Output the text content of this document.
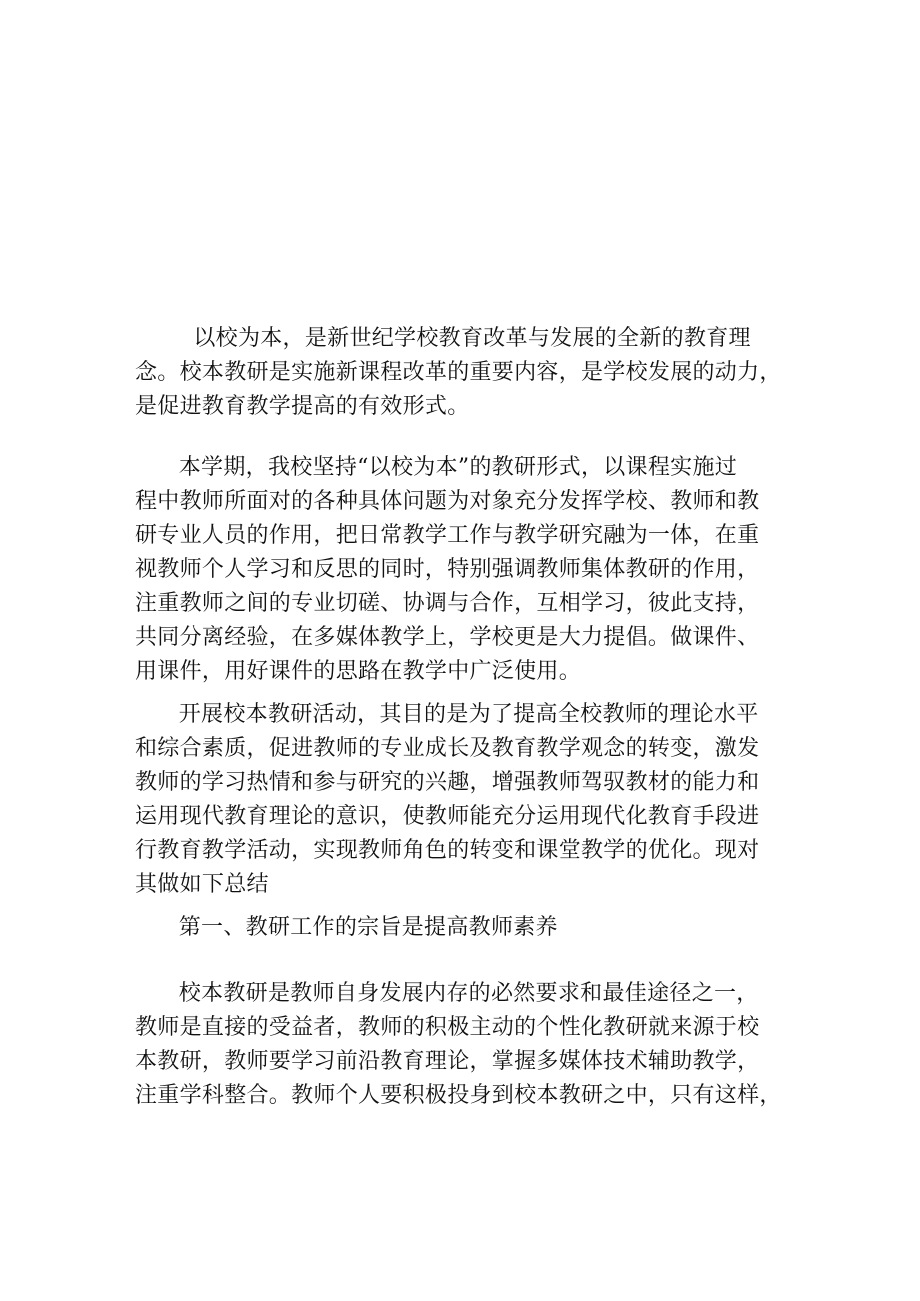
以校为本，是新世纪学校教育改革与发展的全新的教育理
念。校本教研是实施新课程改革的重要内容，是学校发展的动力，
是促进教育教学提高的有效形式。
本学期，我校坚持“以校为本”的教研形式，以课程实施过
程中教师所面对的各种具体问题为对象充分发挥学校、教师和教
研专业人员的作用，把日常教学工作与教学研究融为一体，在重
视教师个人学习和反思的同时，特别强调教师集体教研的作用，
注重教师之间的专业切磋、协调与合作，互相学习，彼此支持，
共同分离经验，在多媒体教学上，学校更是大力提倡。做课件、
用课件，用好课件的思路在教学中广泛使用。
开展校本教研活动，其目的是为了提高全校教师的理论水平
和综合素质，促进教师的专业成长及教育教学观念的转变，激发
教师的学习热情和参与研究的兴趣，增强教师驾驭教材的能力和
运用现代教育理论的意识，使教师能充分运用现代化教育手段进
行教育教学活动，实现教师角色的转变和课堂教学的优化。现对
其做如下总结
第一、教研工作的宗旨是提高教师素养
校本教研是教师自身发展内存的必然要求和最佳途径之一，
教师是直接的受益者，教师的积极主动的个性化教研就来源于校
本教研，教师要学习前沿教育理论，掌握多媒体技术辅助教学，
注重学科整合。教师个人要积极投身到校本教研之中，只有这样，
